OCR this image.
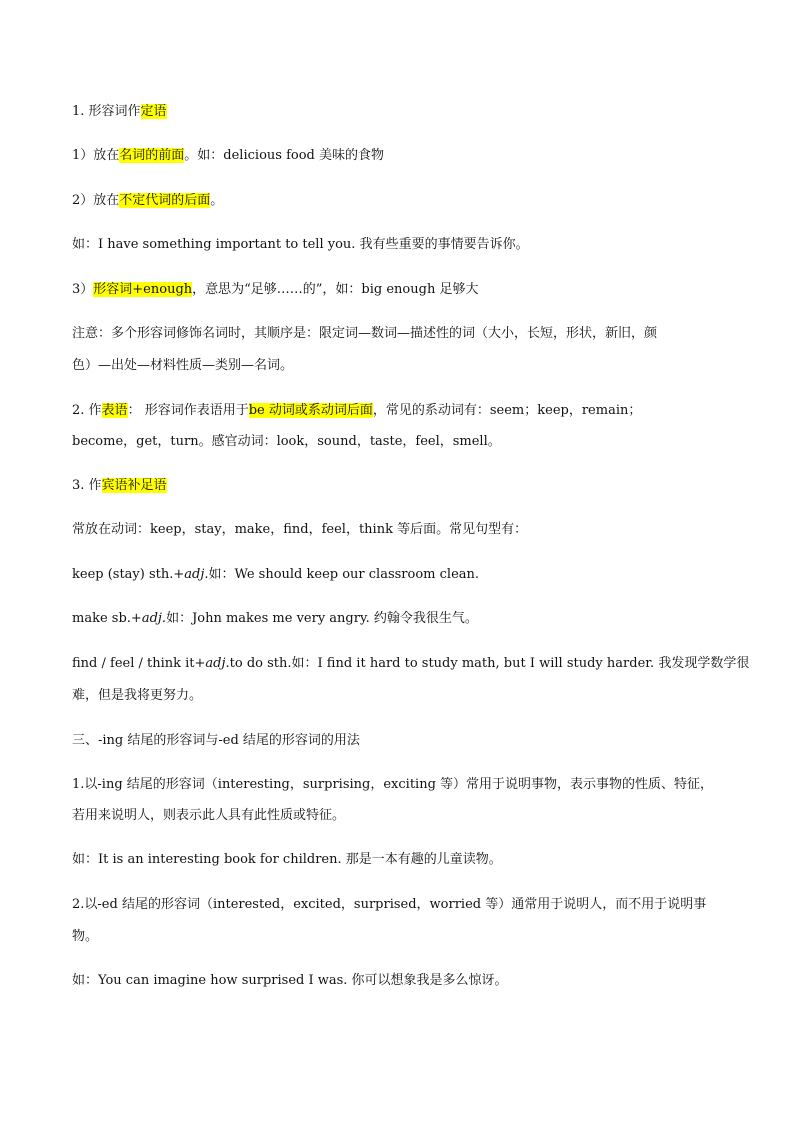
1. 形容词作定语
1）放在名词的前面。如：delicious food 美味的食物
2）放在不定代词的后面。
如：I have something important to tell you. 我有些重要的事情要告诉你。
3）形容词+enough，意思为“足够……的”，如：big enough 足够大
注意：多个形容词修饰名词时，其顺序是：限定词—数词—描述性的词（大小，长短，形状，新旧，颜
色）—出处—材料性质—类别—名词。
2. 作表语： 形容词作表语用于be 动词或系动词后面，常见的系动词有：seem；keep，remain；
become，get，turn。感官动词：look，sound，taste，feel，smell。
3. 作宾语补足语
常放在动词：keep，stay，make，find，feel，think 等后面。常见句型有：
keep (stay) sth.+adj.如：We should keep our classroom clean.
make sb.+adj.如：John makes me very angry. 约翰令我很生气。
find / feel / think it+adj.to do sth.如：I find it hard to study math, but I will study harder. 我发现学数学很
难，但是我将更努力。
三、-ing 结尾的形容词与-ed 结尾的形容词的用法
1.以-ing 结尾的形容词（interesting，surprising，exciting 等）常用于说明事物，表示事物的性质、特征，
若用来说明人，则表示此人具有此性质或特征。
如：It is an interesting book for children. 那是一本有趣的儿童读物。
2.以-ed 结尾的形容词（interested，excited，surprised，worried 等）通常用于说明人，而不用于说明事
物。
如：You can imagine how surprised I was. 你可以想象我是多么惊讶。
